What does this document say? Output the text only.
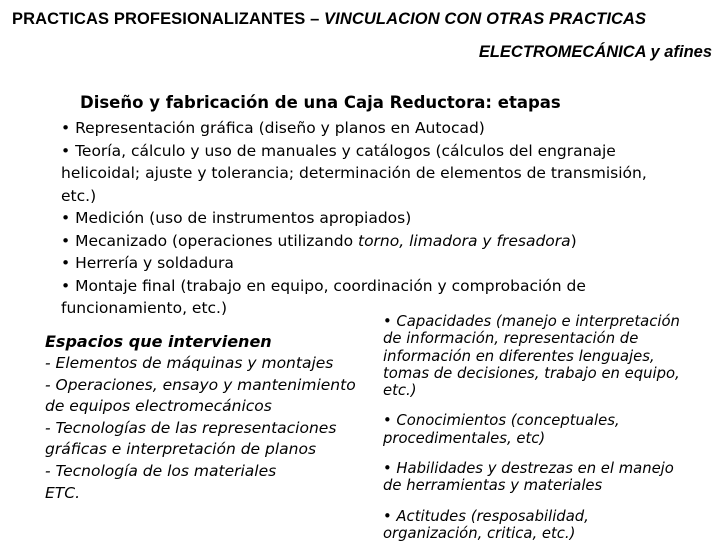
PRACTICAS PROFESIONALIZANTES – VINCULACION CON OTRAS PRACTICAS
ELECTROMECÁNICA y afines
Diseño y fabricación de una Caja Reductora: etapas
• Representación gráfica (diseño y planos en Autocad)
• Teoría, cálculo y uso de manuales y catálogos (cálculos del engranaje
helicoidal; ajuste y tolerancia; determinación de elementos de transmisión,
etc.)
• Medición (uso de instrumentos apropiados)
• Mecanizado (operaciones utilizando torno, limadora y fresadora)
• Herrería y soldadura
• Montaje final (trabajo en equipo, coordinación y comprobación de
funcionamiento, etc.)
Espacios que intervienen
- Elementos de máquinas y montajes
- Operaciones, ensayo y mantenimiento
de equipos electromecánicos
- Tecnologías de las representaciones
gráficas e interpretación de planos
- Tecnología de los materiales
ETC.
• Capacidades (manejo e interpretación
de información, representación de
información en diferentes lenguajes,
tomas de decisiones, trabajo en equipo,
etc.)
• Conocimientos (conceptuales,
procedimentales, etc)
• Habilidades y destrezas en el manejo
de herramientas y materiales
• Actitudes (resposabilidad,
organización, critica, etc.)
